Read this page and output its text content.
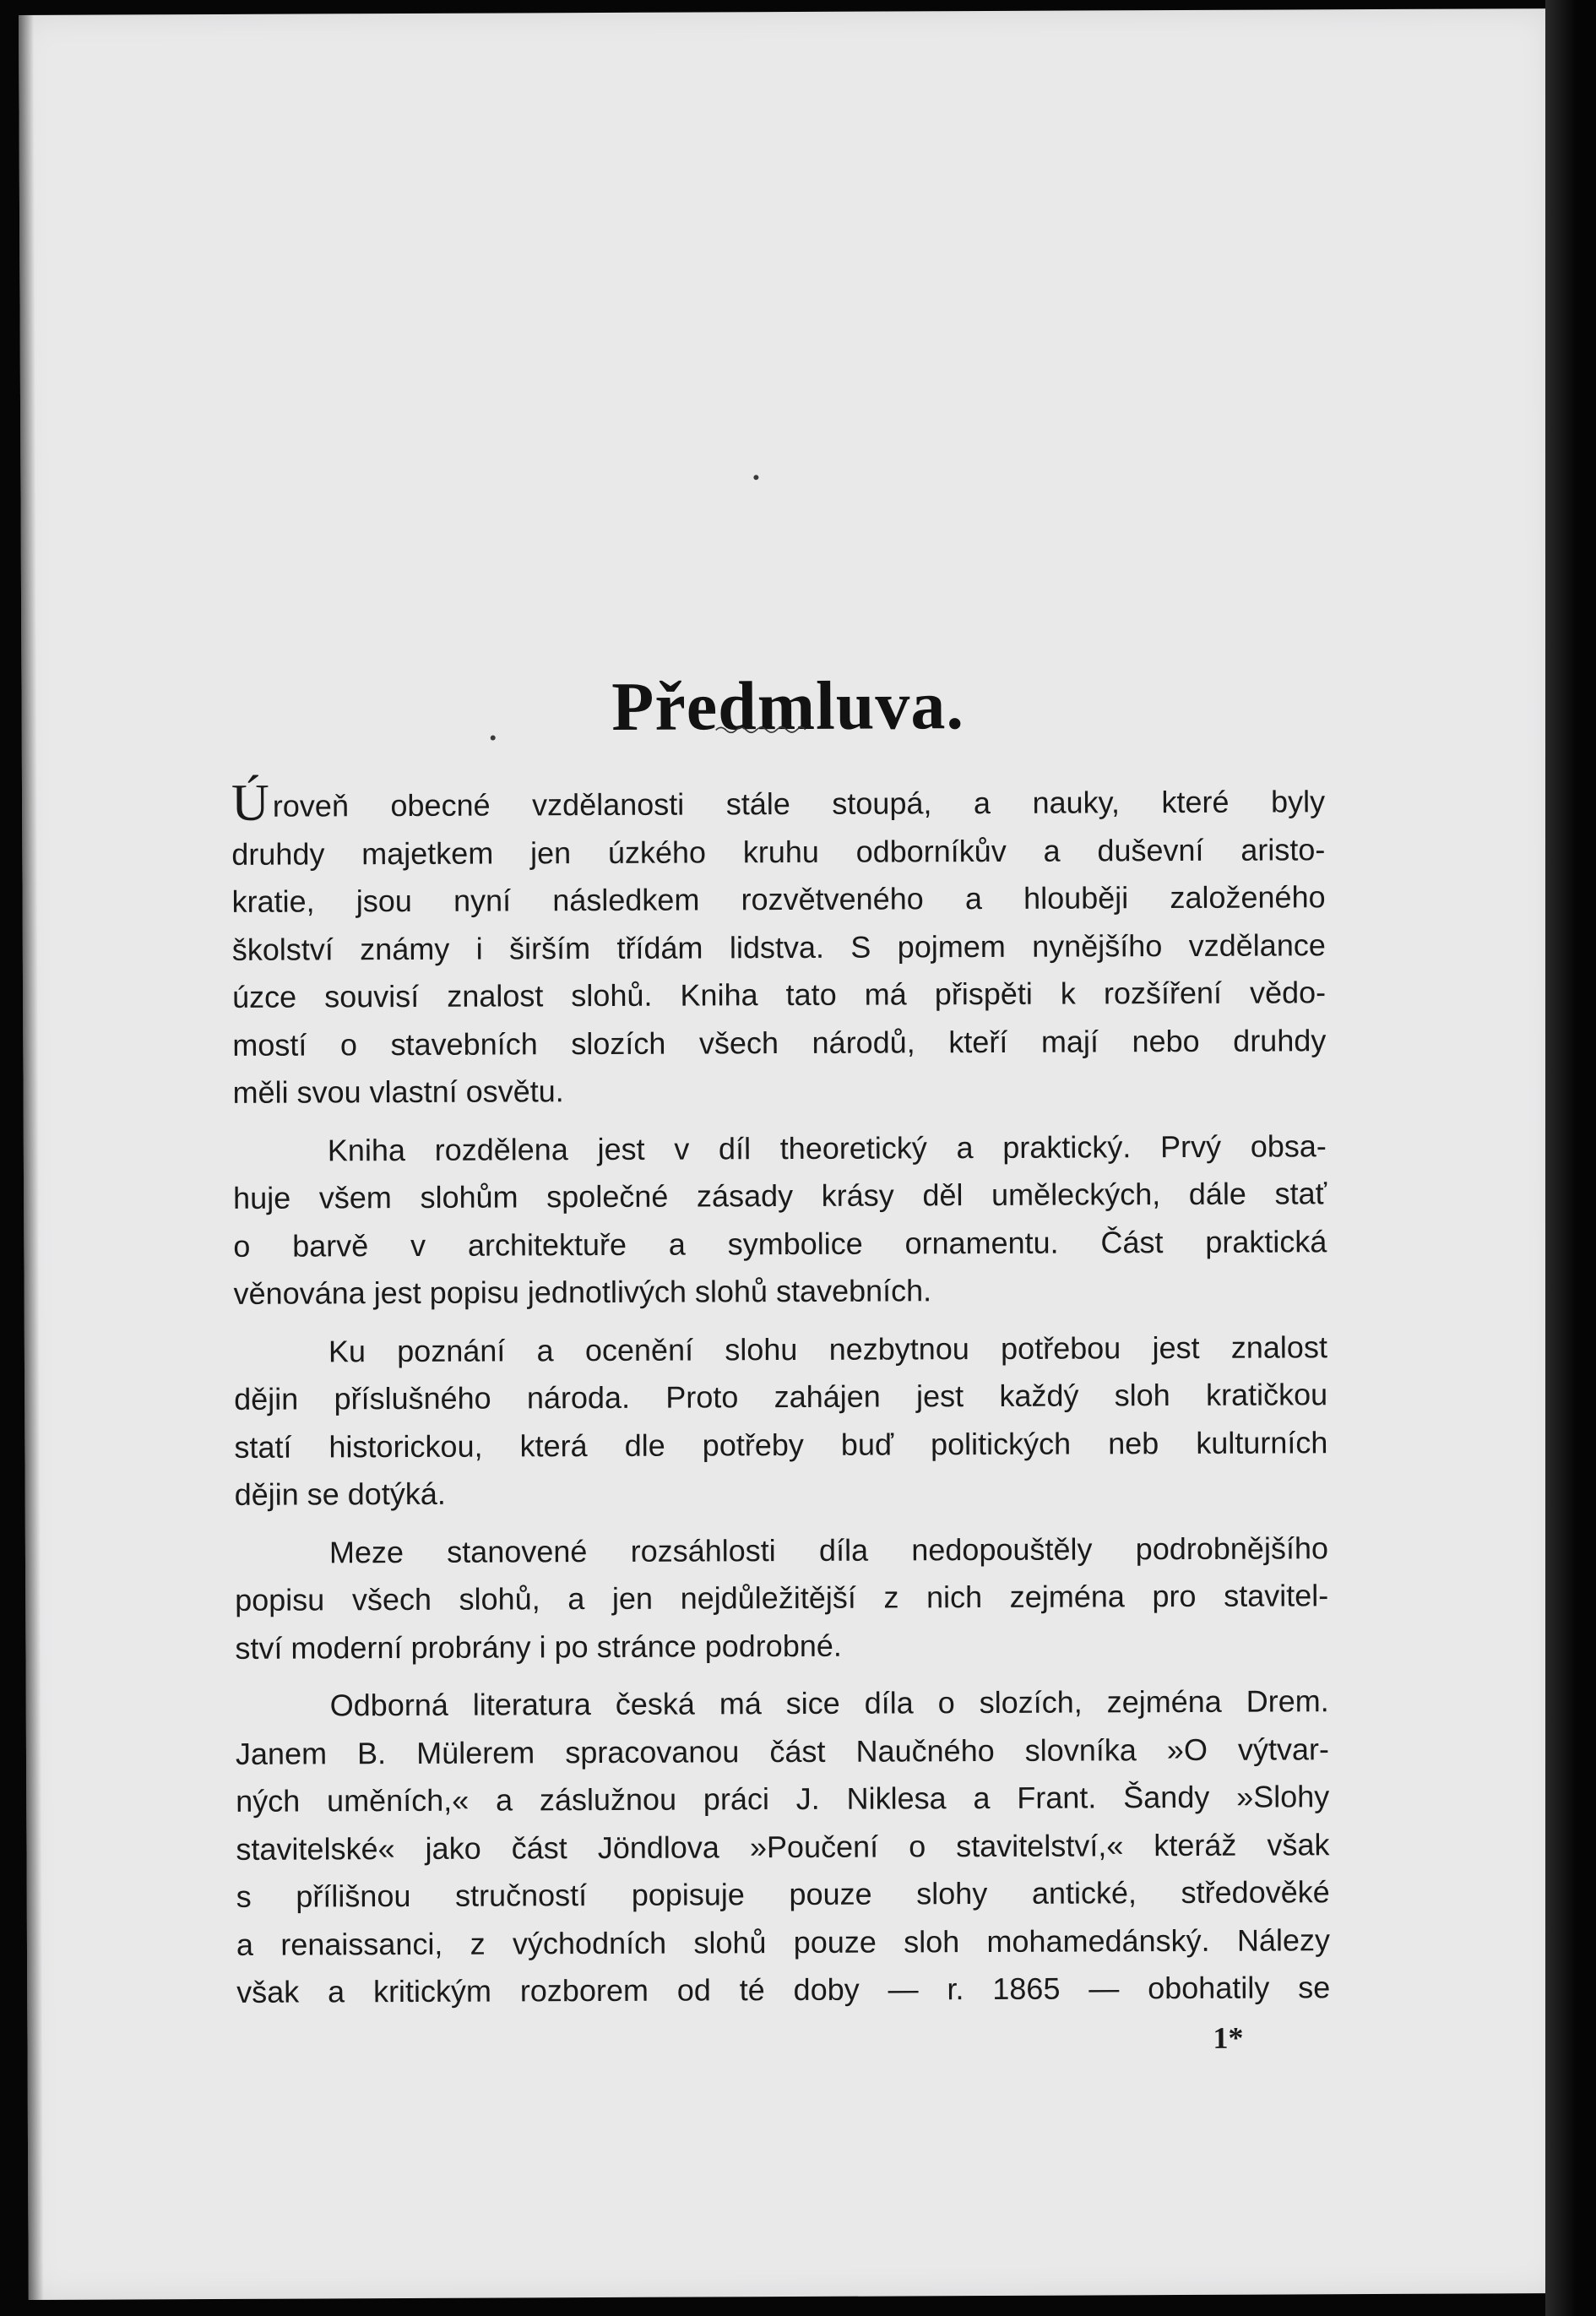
Předmluva.
Úroveň obecné vzdělanosti stále stoupá, a nauky, které byly
druhdy majetkem jen úzkého kruhu odborníkův a duševní aristo-
kratie, jsou nyní následkem rozvětveného a hlouběji založeného
školství známy i širším třídám lidstva. S pojmem nynějšího vzdělance
úzce souvisí znalost slohů. Kniha tato má přispěti k rozšíření vědo-
mostí o stavebních slozích všech národů, kteří mají nebo druhdy
měli svou vlastní osvětu.
Kniha rozdělena jest v díl theoretický a praktický. Prvý obsa-
huje všem slohům společné zásady krásy děl uměleckých, dále stať
o barvě v architektuře a symbolice ornamentu. Část praktická
věnována jest popisu jednotlivých slohů stavebních.
Ku poznání a ocenění slohu nezbytnou potřebou jest znalost
dějin příslušného národa. Proto zahájen jest každý sloh kratičkou
statí historickou, která dle potřeby buď politických neb kulturních
dějin se dotýká.
Meze stanovené rozsáhlosti díla nedopouštěly podrobnějšího
popisu všech slohů, a jen nejdůležitější z nich zejména pro stavitel-
ství moderní probrány i po stránce podrobné.
Odborná literatura česká má sice díla o slozích, zejména Drem.
Janem B. Mülerem spracovanou část Naučného slovníka »O výtvar-
ných uměních,« a záslužnou práci J. Niklesa a Frant. Šandy »Slohy
stavitelské« jako část Jöndlova »Poučení o stavitelství,« kteráž však
s přílišnou stručností popisuje pouze slohy antické, středověké
a renaissanci, z východních slohů pouze sloh mohamedánský. Nálezy
však a kritickým rozborem od té doby — r. 1865 — obohatily se
1*
